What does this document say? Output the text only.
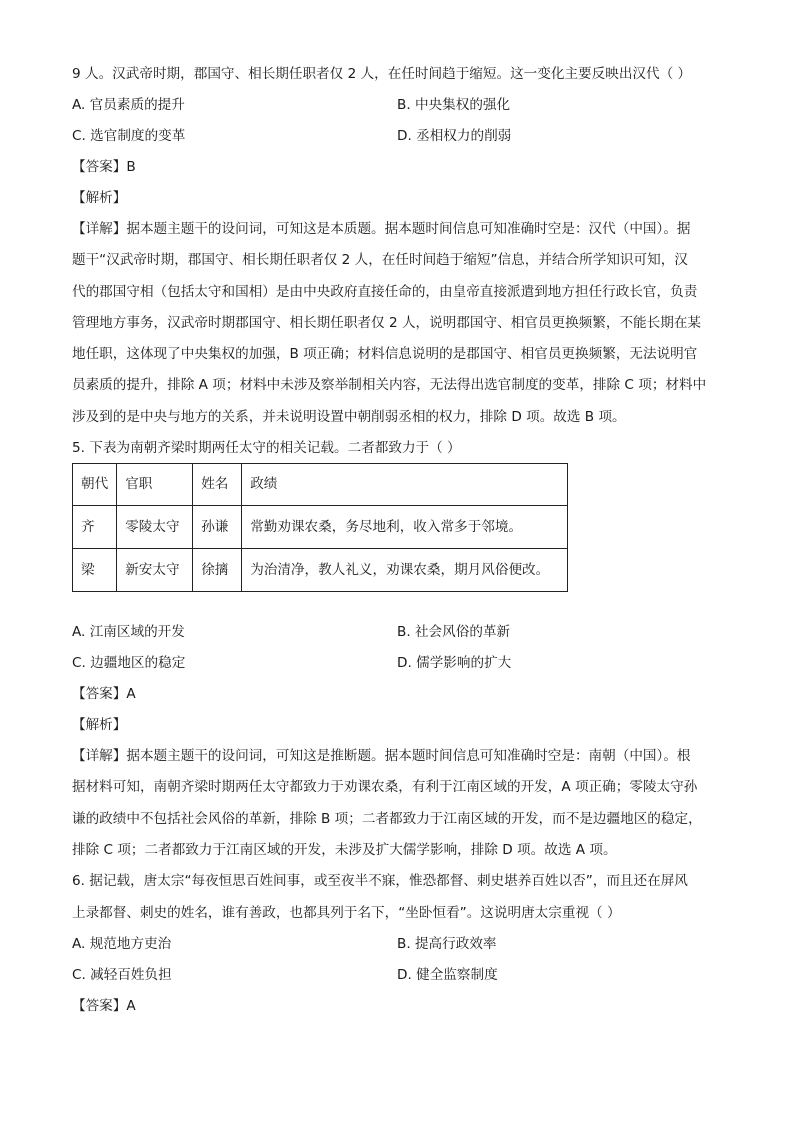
9 人。汉武帝时期，郡国守、相长期任职者仅 2 人，在任时间趋于缩短。这一变化主要反映出汉代（ ）
A. 官员素质的提升	B. 中央集权的强化
C. 选官制度的变革	D. 丞相权力的削弱
【答案】B
【解析】
【详解】据本题主题干的设问词，可知这是本质题。据本题时间信息可知准确时空是：汉代（中国）。据
题干“汉武帝时期，郡国守、相长期任职者仅 2 人，在任时间趋于缩短”信息，并结合所学知识可知，汉
代的郡国守相（包括太守和国相）是由中央政府直接任命的，由皇帝直接派遣到地方担任行政长官，负责
管理地方事务，汉武帝时期郡国守、相长期任职者仅 2 人，说明郡国守、相官员更换频繁，不能长期在某
地任职，这体现了中央集权的加强，B 项正确；材料信息说明的是郡国守、相官员更换频繁，无法说明官
员素质的提升，排除 A 项；材料中未涉及察举制相关内容，无法得出选官制度的变革，排除 C 项；材料中
涉及到的是中央与地方的关系，并未说明设置中朝削弱丞相的权力，排除 D 项。故选 B 项。
5. 下表为南朝齐梁时期两任太守的相关记载。二者都致力于（ ）
朝代	官职	姓名	政绩
齐	零陵太守	孙谦	常勤劝课农桑，务尽地利，收入常多于邻境。
梁	新安太守	徐摛	为治清净，教人礼义，劝课农桑，期月风俗便改。
A. 江南区域的开发	B. 社会风俗的革新
C. 边疆地区的稳定	D. 儒学影响的扩大
【答案】A
【解析】
【详解】据本题主题干的设问词，可知这是推断题。据本题时间信息可知准确时空是：南朝（中国）。根
据材料可知，南朝齐梁时期两任太守都致力于劝课农桑，有利于江南区域的开发，A 项正确；零陵太守孙
谦的政绩中不包括社会风俗的革新，排除 B 项；二者都致力于江南区域的开发，而不是边疆地区的稳定，
排除 C 项；二者都致力于江南区域的开发，未涉及扩大儒学影响，排除 D 项。故选 A 项。
6. 据记载，唐太宗“每夜恒思百姓间事，或至夜半不寐，惟恐都督、刺史堪养百姓以否”，而且还在屏风
上录都督、刺史的姓名，谁有善政，也都具列于名下，“坐卧恒看”。这说明唐太宗重视（ ）
A. 规范地方吏治	B. 提高行政效率
C. 减轻百姓负担	D. 健全监察制度
【答案】A
